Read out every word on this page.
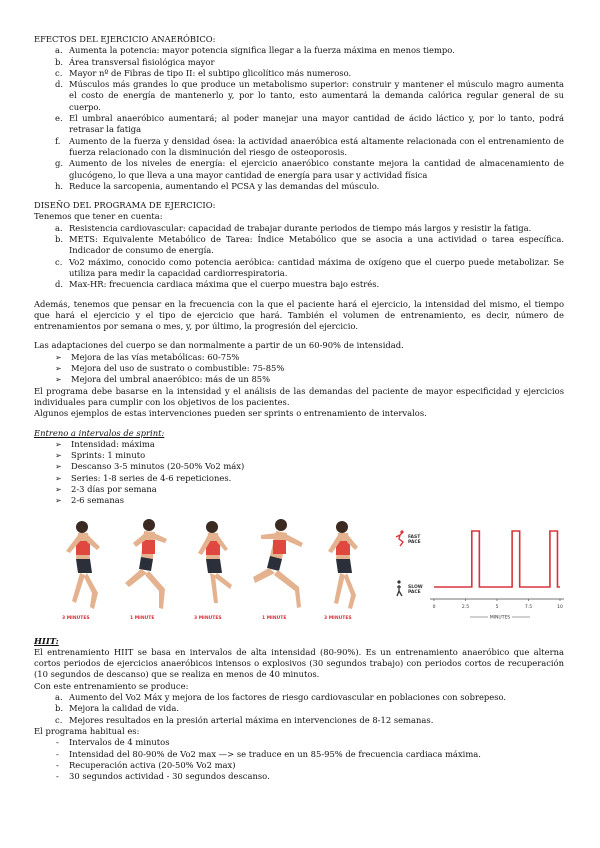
EFECTOS DEL EJERCICIO ANAERÓBICO:

a. Aumenta la potencia: mayor potencia significa llegar a la fuerza máxima en menos tiempo.
b. Área transversal fisiológica mayor
c. Mayor nº de Fibras de tipo II: el subtipo glicolítico más numeroso.
d. Músculos más grandes lo que produce un metabolismo superior: construir y mantener el músculo magro aumenta el costo de energía de mantenerlo y, por lo tanto, esto aumentará la demanda calórica regular general de su cuerpo.
e. El umbral anaeróbico aumentará; al poder manejar una mayor cantidad de ácido láctico y, por lo tanto, podrá retrasar la fatiga
f. Aumento de la fuerza y densidad ósea: la actividad anaeróbica está altamente relacionada con el entrenamiento de fuerza relacionado con la disminución del riesgo de osteoporosis.
g. Aumento de los niveles de energía: el ejercicio anaeróbico constante mejora la cantidad de almacenamiento de glucógeno, lo que lleva a una mayor cantidad de energía para usar y actividad física
h. Reduce la sarcopenia, aumentando el PCSA y las demandas del músculo.

DISEÑO DEL PROGRAMA DE EJERCICIO:

Tenemos que tener en cuenta:

a. Resistencia cardiovascular: capacidad de trabajar durante periodos de tiempo más largos y resistir la fatiga.
b. METS: Equivalente Metabólico de Tarea: Índice Metabólico que se asocia a una actividad o tarea específica. Indicador de consumo de energía.
c. Vo2 máximo, conocido como potencia aeróbica: cantidad máxima de oxígeno que el cuerpo puede metabolizar. Se utiliza para medir la capacidad cardiorrespiratoria.
d. Max-HR: frecuencia cardiaca máxima que el cuerpo muestra bajo estrés.

Además, tenemos que pensar en la frecuencia con la que el paciente hará el ejercicio, la intensidad del mismo, el tiempo que hará el ejercicio y el tipo de ejercicio que hará. También el volumen de entrenamiento, es decir, número de entrenamientos por semana o mes, y, por último, la progresión del ejercicio.

Las adaptaciones del cuerpo se dan normalmente a partir de un 60-90% de intensidad.

➢ Mejora de las vías metabólicas: 60-75%
➢ Mejora del uso de sustrato o combustible: 75-85%
➢ Mejora del umbral anaeróbico: más de un 85%

El programa debe basarse en la intensidad y el análisis de las demandas del paciente de mayor especificidad y ejercicios individuales para cumplir con los objetivos de los pacientes.

Algunos ejemplos de estas intervenciones pueden ser sprints o entrenamiento de intervalos.

Entreno a intervalos de sprint:

➢ Intensidad: máxima
➢ Sprints: 1 minuto
➢ Descanso 3-5 minutos (20-50% Vo2 máx)
➢ Series: 1-8 series de 4-6 repeticiones.
➢ 2-3 días por semana
➢ 2-6 semanas
3 MINUTES	1 MINUTE	3 MINUTES	1 MINUTE	3 MINUTES
FAST
PACE
SLOW
PACE
0	2.5	5	7.5	10
MINUTES

HIIT:

El entrenamiento HIIT se basa en intervalos de alta intensidad (80-90%). Es un entrenamiento anaeróbico que alterna cortos periodos de ejercicios anaeróbicos intensos o explosivos (30 segundos trabajo) con periodos cortos de recuperación (10 segundos de descanso) que se realiza en menos de 40 minutos.

Con este entrenamiento se produce:

a. Aumento del Vo2 Máx y mejora de los factores de riesgo cardiovascular en poblaciones con sobrepeso.
b. Mejora la calidad de vida.
c. Mejores resultados en la presión arterial máxima en intervenciones de 8-12 semanas.

El programa habitual es:

- Intervalos de 4 minutos
- Intensidad del 80-90% de Vo2 max —> se traduce en un 85-95% de frecuencia cardiaca máxima.
- Recuperación activa (20-50% Vo2 max)
- 30 segundos actividad - 30 segundos descanso.
